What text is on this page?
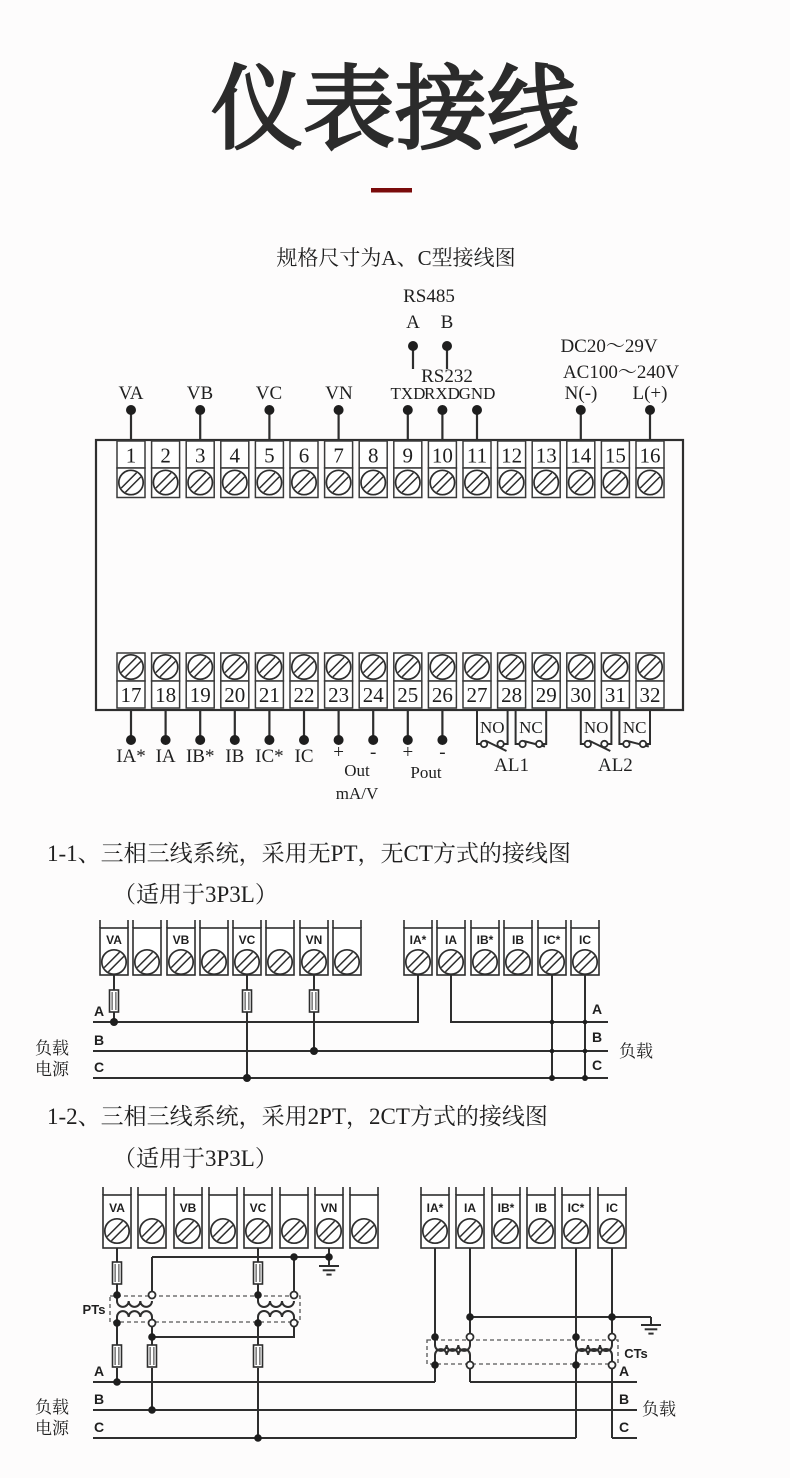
仪表接线
规格尺寸为A、C型接线图
RS485
A B
RS232
DC20～29V
AC100～240V
VA VB VC VN TXD
RXD
GND	N(-) L(+)
1 2 3 4 5 6 7 8 9 10 11 12 13 14 15 16
17 18 19 20 21 22 23 24 25 26 27 28 29 30 31 32
IA* IA IB* IB IC* IC + -
Out
mA/V
+ -
Pout
NO NC
AL1
NO NC
AL2
1-1、三相三线系统，采用无PT，无CT方式的接线图
（适用于3P3L）
VA	VB	VC	VN	IA* IA IB* IB IC* IC
A
B
C
负载
电源
A
B
C
负载
1-2、三相三线系统，采用2PT，2CT方式的接线图
（适用于3P3L）
VA	VB	VC	VN	IA* IA IB* IB IC* IC
PTs
CTs
A
B
C
负载
电源
A
B
C
负载
